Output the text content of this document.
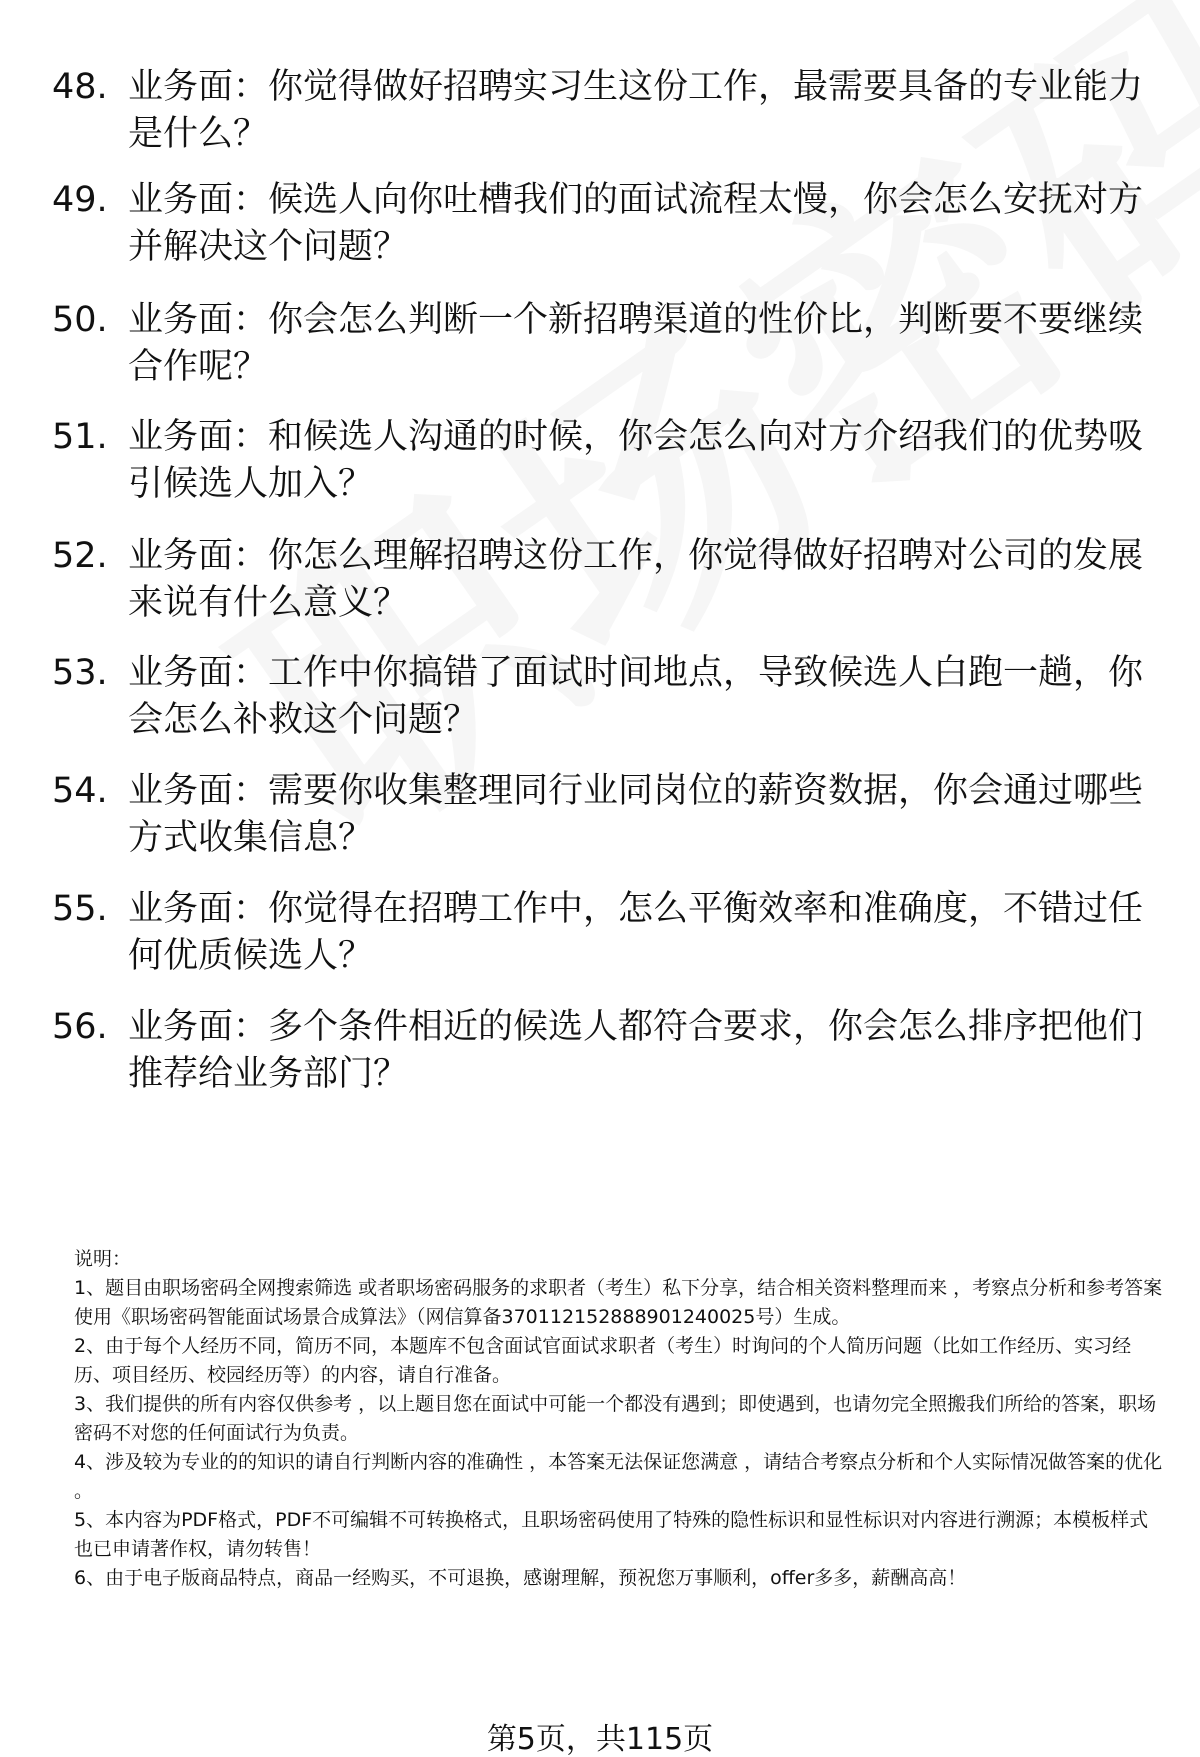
48. 业务面：你觉得做好招聘实习生这份工作，最需要具备的专业能力是什么？
49. 业务面：候选人向你吐槽我们的面试流程太慢，你会怎么安抚对方并解决这个问题？
50. 业务面：你会怎么判断一个新招聘渠道的性价比，判断要不要继续合作呢？
51. 业务面：和候选人沟通的时候，你会怎么向对方介绍我们的优势吸引候选人加入？
52. 业务面：你怎么理解招聘这份工作，你觉得做好招聘对公司的发展来说有什么意义？
53. 业务面：工作中你搞错了面试时间地点，导致候选人白跑一趟，你会怎么补救这个问题？
54. 业务面：需要你收集整理同行业同岗位的薪资数据，你会通过哪些方式收集信息？
55. 业务面：你觉得在招聘工作中，怎么平衡效率和准确度，不错过任何优质候选人？
56. 业务面：多个条件相近的候选人都符合要求，你会怎么排序把他们推荐给业务部门？

说明：

1、题目由职场密码全网搜索筛选 或者职场密码服务的求职者（考生）私下分享，结合相关资料整理而来 ，考察点分析和参考答案使用《职场密码智能面试场景合成算法》（网信算备370112152888901240025号）生成。

2、由于每个人经历不同，简历不同，本题库不包含面试官面试求职者（考生）时询问的个人简历问题（比如工作经历、实习经历、项目经历、校园经历等）的内容，请自行准备。

3、我们提供的所有内容仅供参考 ，以上题目您在面试中可能一个都没有遇到；即使遇到，也请勿完全照搬我们所给的答案，职场密码不对您的任何面试行为负责。

4、涉及较为专业的的知识的请自行判断内容的准确性 ，本答案无法保证您满意 ，请结合考察点分析和个人实际情况做答案的优化 。

5、本内容为PDF格式，PDF不可编辑不可转换格式，且职场密码使用了特殊的隐性标识和显性标识对内容进行溯源；本模板样式也已申请著作权，请勿转售！

6、由于电子版商品特点，商品一经购买，不可退换，感谢理解，预祝您万事顺利，offer多多，薪酬高高！

第5页，共115页
